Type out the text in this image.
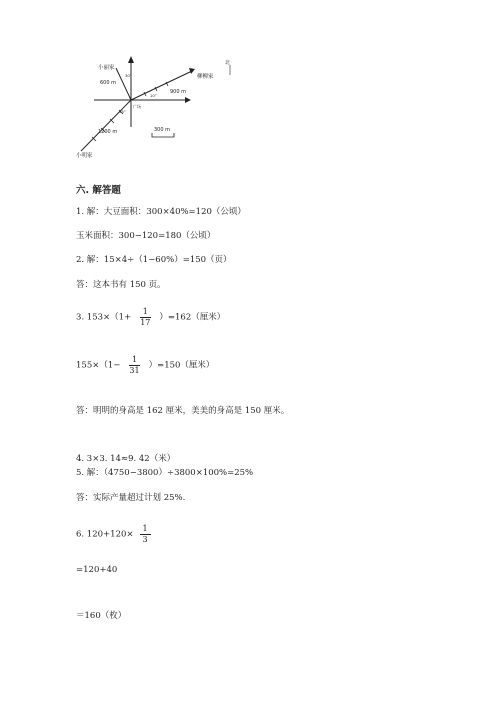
北
小丽家
柳柳家
小明家
广场
600 m
900 m
1200 m	300 m
30°
10°
45°
六. 解答题
1. 解：大豆面积：300×40%=120（公顷）
玉米面积：300−120=180（公顷）
2. 解：15×4÷（1−60%）=150（页）
答：这本书有 150 页。
3. $153\times(1+ \frac{1}{17} )=162$（厘米）
$155\times(1- \frac{1}{31} )=150$（厘米）
答：明明的身高是 162 厘米，美美的身高是 150 厘米。
4. 3×3. 14≈9. 42（米）
5. 解：（4750−3800）÷3800×100%=25%
答：实际产量超过计划 25%.
6. $120+120\times \frac{1}{3}$
=120+40
＝160（枚）
